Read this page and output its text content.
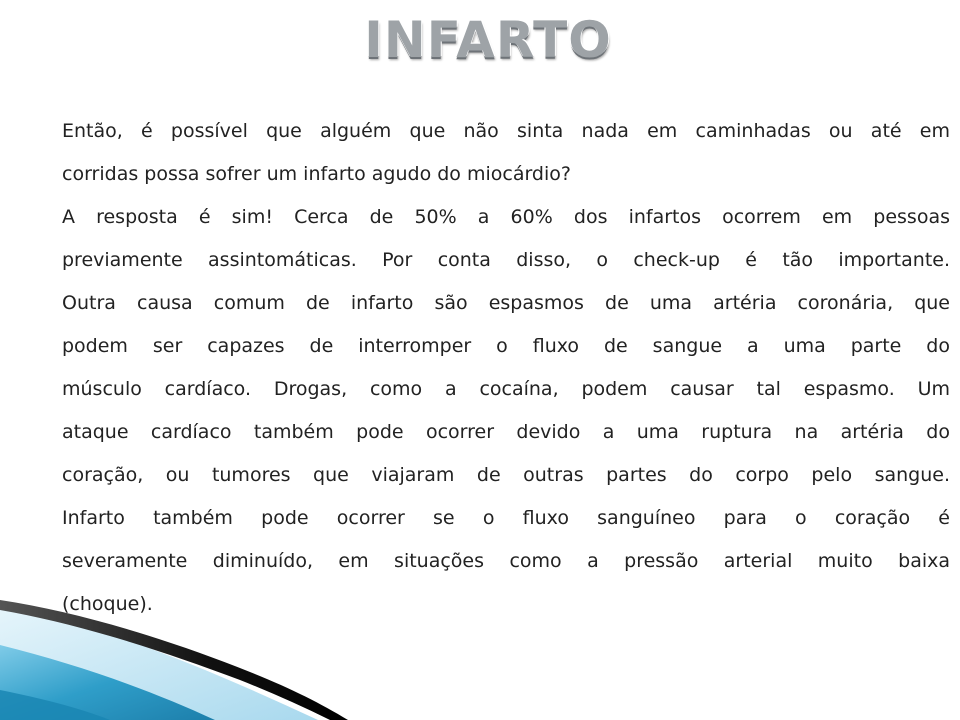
INFARTO
Então, é possível que alguém que não sinta nada em caminhadas ou até em
corridas possa sofrer um infarto agudo do miocárdio?
A resposta é sim! Cerca de 50% a 60% dos infartos ocorrem em pessoas
previamente assintomáticas. Por conta disso, o check-up é tão importante.
Outra causa comum de infarto são espasmos de uma artéria coronária, que
podem ser capazes de interromper o fluxo de sangue a uma parte do
músculo cardíaco. Drogas, como a cocaína, podem causar tal espasmo. Um
ataque cardíaco também pode ocorrer devido a uma ruptura na artéria do
coração, ou tumores que viajaram de outras partes do corpo pelo sangue.
Infarto também pode ocorrer se o fluxo sanguíneo para o coração é
severamente diminuído, em situações como a pressão arterial muito baixa
(choque).
